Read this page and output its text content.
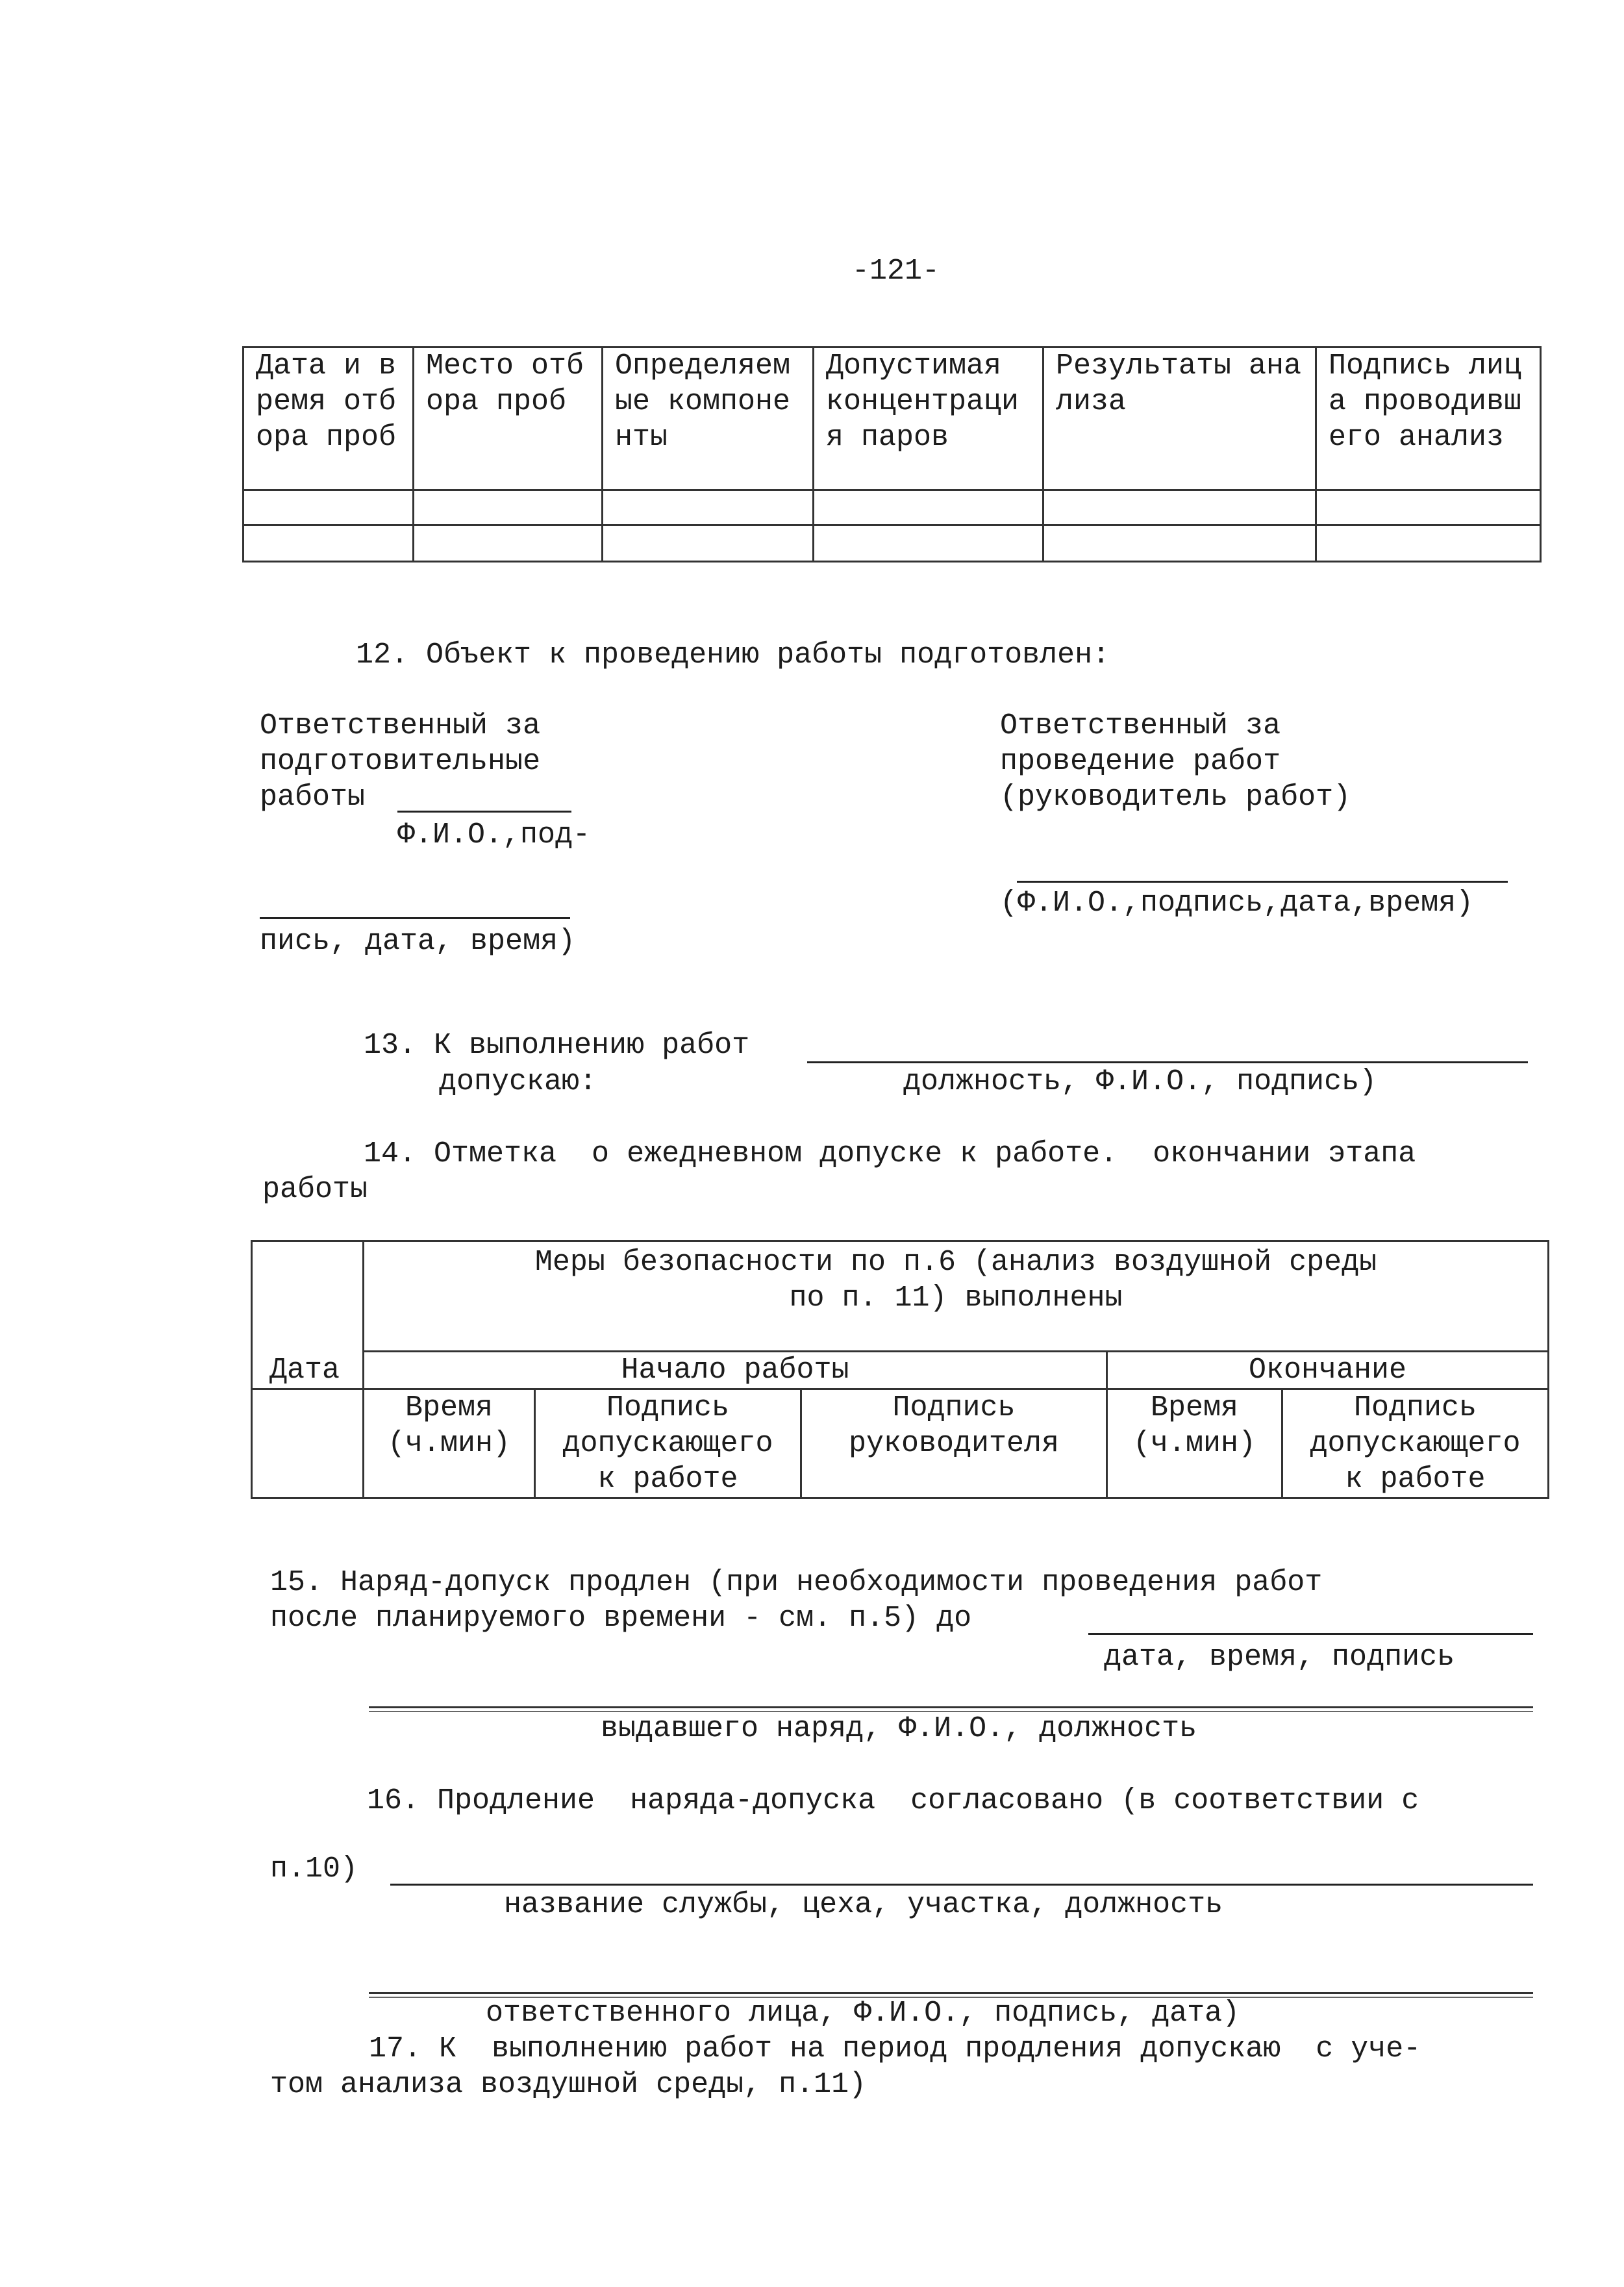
-121-
Дата и время отбора проб	Место отбора проб	Определяемые компоненты	Допустимая концентрация паров	Результаты анализа	Подпись лица проводившего анализ

12. Объект к проведению работы подготовлен:
Ответственный за
подготовительные
работы
Ф.И.О.,под-
пись, дата, время)
Ответственный за
проведение работ
(руководитель работ)
(Ф.И.О.,подпись,дата,время)
13. К выполнению работ
допускаю:	должность, Ф.И.О., подпись)
14. Отметка  о ежедневном допуске к работе.  окончании этапа
работы
Дата	Меры безопасности по п.6 (анализ воздушной среды по п. 11) выполнены				
	Начало работы			Окончание	
	Время (ч.мин)	Подпись допускающего к работе	Подпись руководителя	Время (ч.мин)	Подпись допускающего к работе
15. Наряд-допуск продлен (при необходимости проведения работ
после планируемого времени - см. п.5) до
дата, время, подпись
выдавшего наряд, Ф.И.О., должность
16. Продление  наряда-допуска  согласовано (в соответствии с
п.10)
название службы, цеха, участка, должность
ответственного лица, Ф.И.О., подпись, дата)
17. К  выполнению работ на период продления допускаю  с уче-
том анализа воздушной среды, п.11)
